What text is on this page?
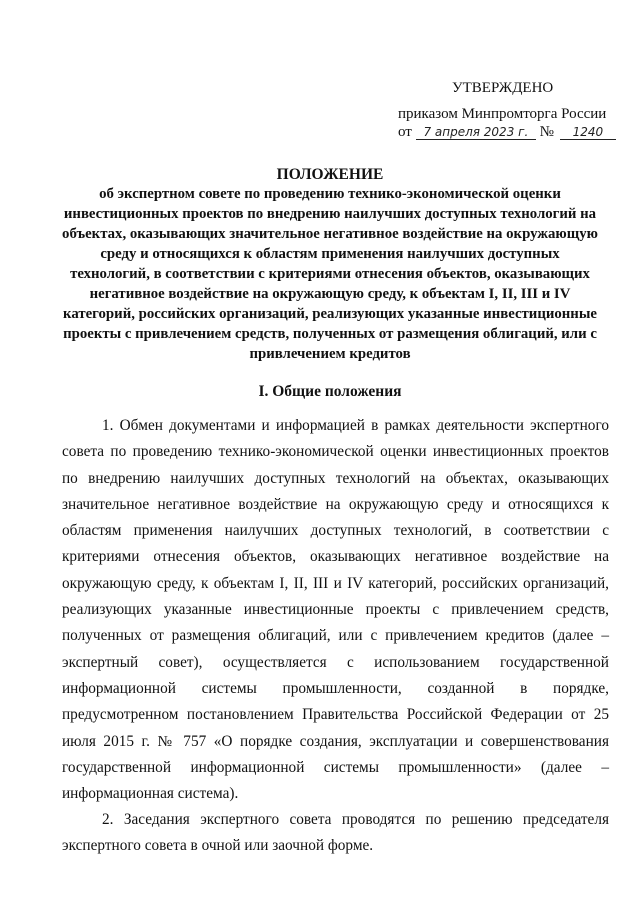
УТВЕРЖДЕНО
приказом Минпромторга России
от 7 апреля 2023 г. № 1240
ПОЛОЖЕНИЕ
об экспертном совете по проведению технико-экономической оценки инвестиционных проектов по внедрению наилучших доступных технологий на объектах, оказывающих значительное негативное воздействие на окружающую среду и относящихся к областям применения наилучших доступных технологий, в соответствии с критериями отнесения объектов, оказывающих негативное воздействие на окружающую среду, к объектам I, II, III и IV категорий, российских организаций, реализующих указанные инвестиционные проекты с привлечением средств, полученных от размещения облигаций, или с привлечением кредитов
I. Общие положения
1. Обмен документами и информацией в рамках деятельности экспертного совета по проведению технико-экономической оценки инвестиционных проектов по внедрению наилучших доступных технологий на объектах, оказывающих значительное негативное воздействие на окружающую среду и относящихся к областям применения наилучших доступных технологий, в соответствии с критериями отнесения объектов, оказывающих негативное воздействие на окружающую среду, к объектам I, II, III и IV категорий, российских организаций, реализующих указанные инвестиционные проекты с привлечением средств, полученных от размещения облигаций, или с привлечением кредитов (далее – экспертный совет), осуществляется с использованием государственной информационной системы промышленности, созданной в порядке, предусмотренном постановлением Правительства Российской Федерации от 25 июля 2015 г. № 757 «О порядке создания, эксплуатации и совершенствования государственной информационной системы промышленности» (далее – информационная система).
2. Заседания экспертного совета проводятся по решению председателя экспертного совета в очной или заочной форме.
